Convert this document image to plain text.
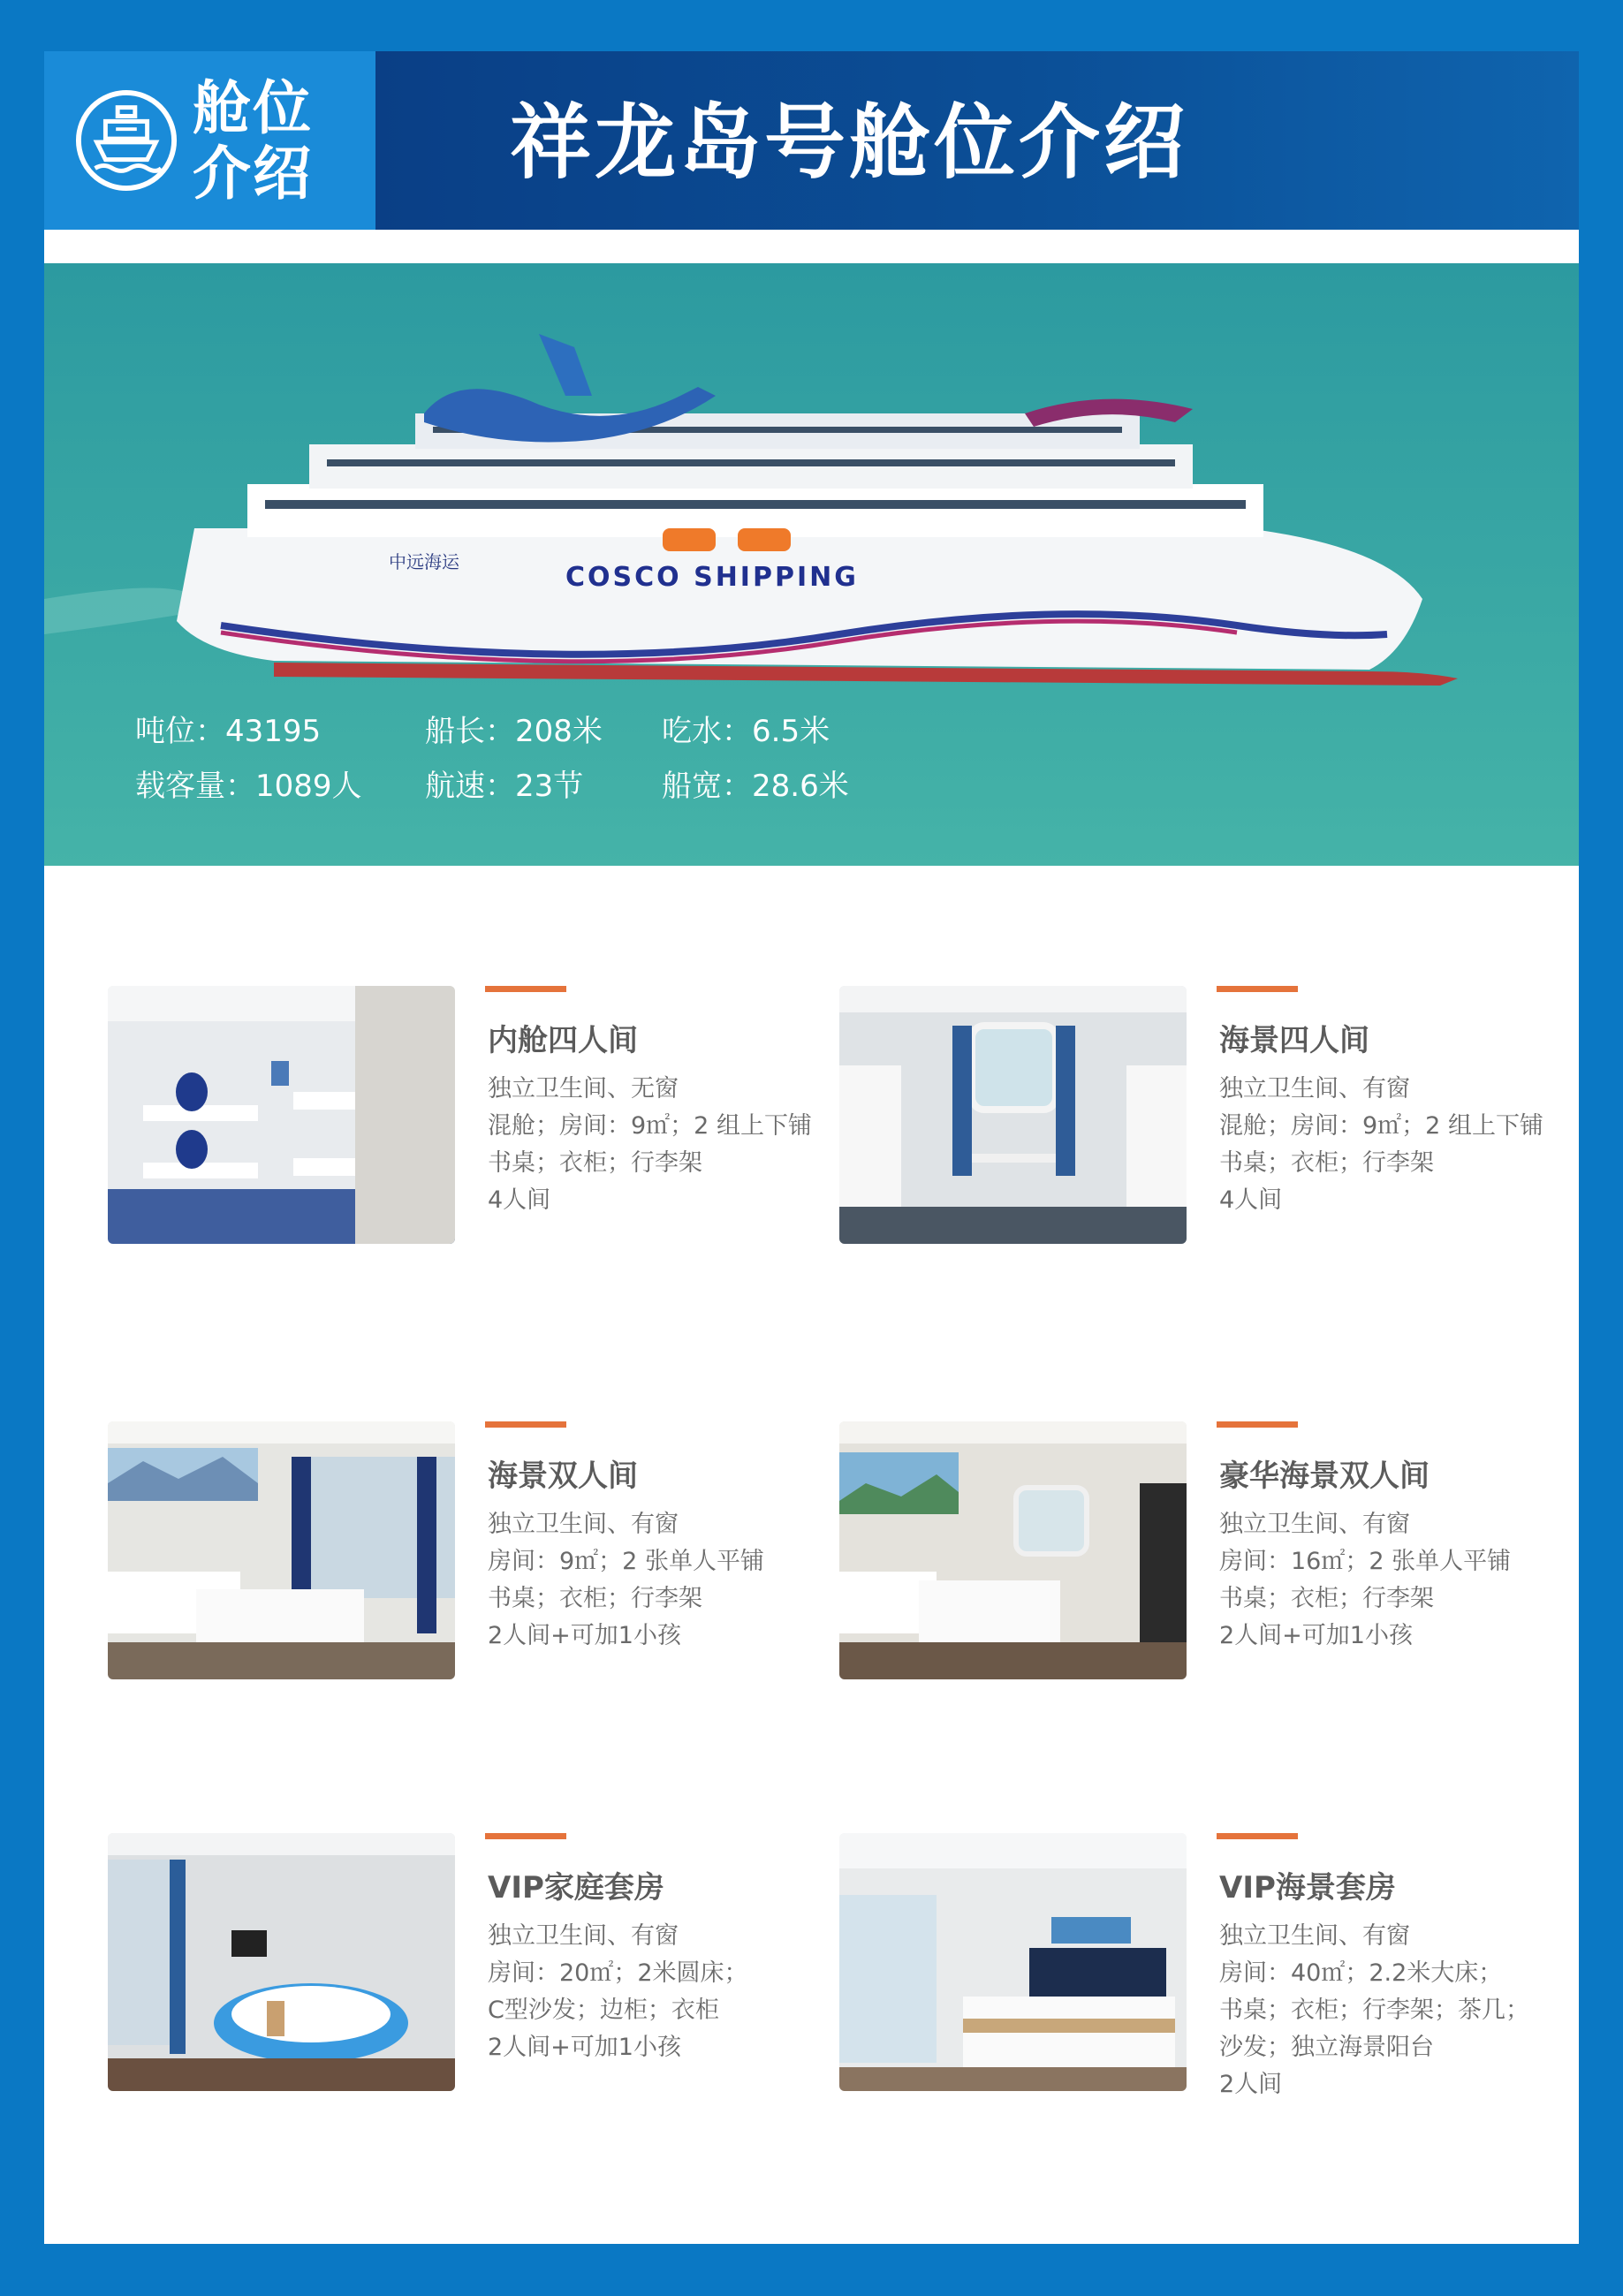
舱位
介绍	祥龙岛号舱位介绍
中远海运	COSCO SHIPPING
吨位：43195	船长：208米 吃水：6.5米
载客量：1089人 航速：23节	船宽：28.6米
内舱四人间
独立卫生间、无窗
混舱；房间：9㎡；2 组上下铺
书桌；衣柜；行李架
4人间
海景四人间
独立卫生间、有窗
混舱；房间：9㎡；2 组上下铺
书桌；衣柜；行李架
4人间
海景双人间
独立卫生间、有窗
房间：9㎡；2 张单人平铺
书桌；衣柜；行李架
2人间+可加1小孩
豪华海景双人间
独立卫生间、有窗
房间：16㎡；2 张单人平铺
书桌；衣柜；行李架
2人间+可加1小孩
VIP家庭套房
独立卫生间、有窗
房间：20㎡；2米圆床；
C型沙发；边柜；衣柜
2人间+可加1小孩
VIP海景套房
独立卫生间、有窗
房间：40㎡；2.2米大床；
书桌；衣柜；行李架；茶几；
沙发；独立海景阳台
2人间
